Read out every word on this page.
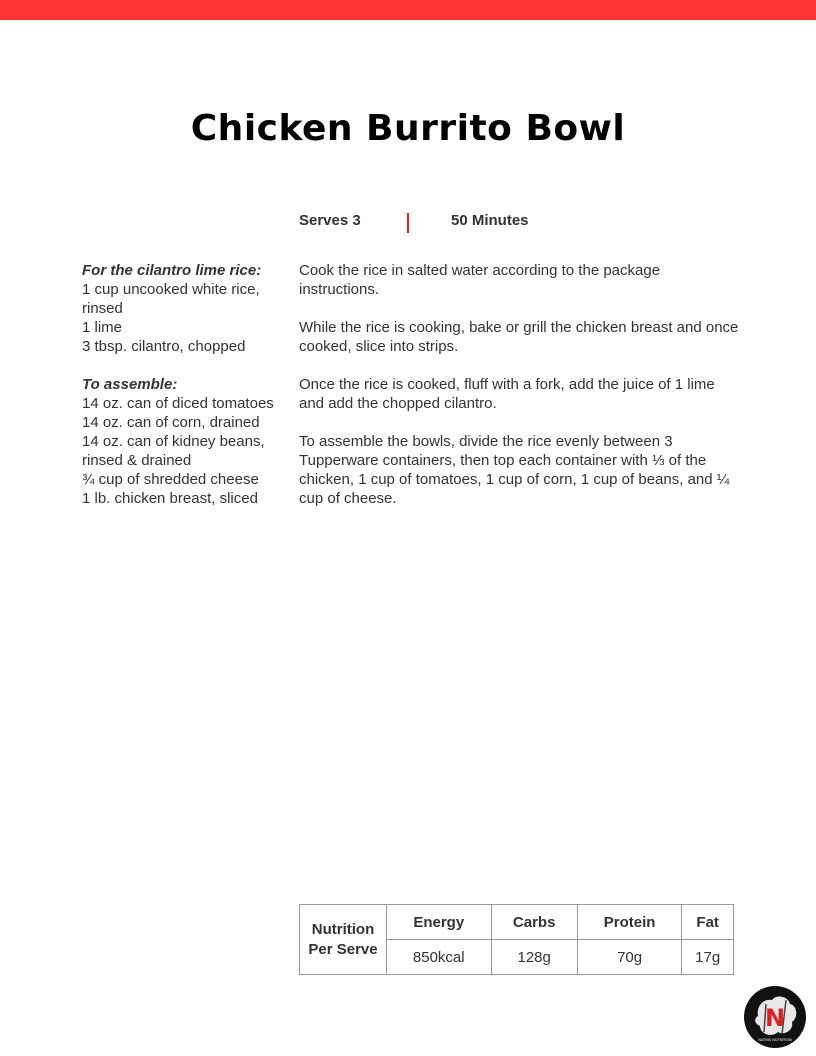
Chicken Burrito Bowl
Serves 3	50 Minutes
For the cilantro lime rice:
1 cup uncooked white rice, rinsed
1 lime
3 tbsp. cilantro, chopped
To assemble:
14 oz. can of diced tomatoes
14 oz. can of corn, drained
14 oz. can of kidney beans, rinsed & drained
¾ cup of shredded cheese
1 lb. chicken breast, sliced

Cook the rice in salted water according to the package instructions.

While the rice is cooking, bake or grill the chicken breast and once cooked, slice into strips.

Once the rice is cooked, fluff with a fork, add the juice of 1 lime and add the chopped cilantro.

To assemble the bowls, divide the rice evenly between 3 Tupperware containers, then top each container with ⅓ of the chicken, 1 cup of tomatoes, 1 cup of corn, 1 cup of beans, and ¼ cup of cheese.

Nutrition Per Serve	Energy	Carbs	Protein	Fat
	850kcal	128g	70g	17g
N
NATNIS NUTRITION
